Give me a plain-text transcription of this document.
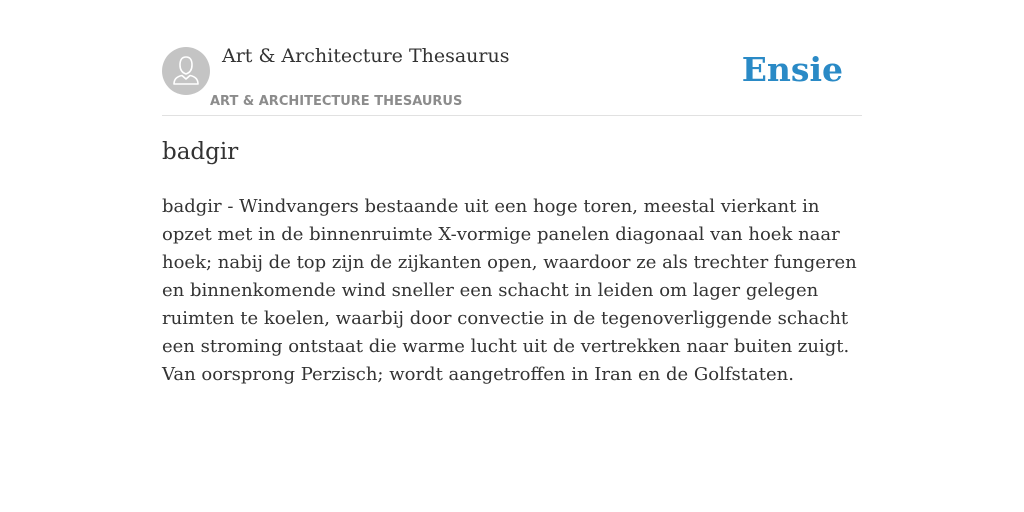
Art & Architecture Thesaurus
ART & ARCHITECTURE THESAURUS
Ensie
badgir

badgir - Windvangers bestaande uit een hoge toren, meestal vierkant in opzet met in de binnenruimte X-vormige panelen diagonaal van hoek naar hoek; nabij de top zijn de zijkanten open, waardoor ze als trechter fungeren en binnenkomende wind sneller een schacht in leiden om lager gelegen ruimten te koelen, waarbij door convectie in de tegenoverliggende schacht een stroming ontstaat die warme lucht uit de vertrekken naar buiten zuigt. Van oorsprong Perzisch; wordt aangetroffen in Iran en de Golfstaten.
